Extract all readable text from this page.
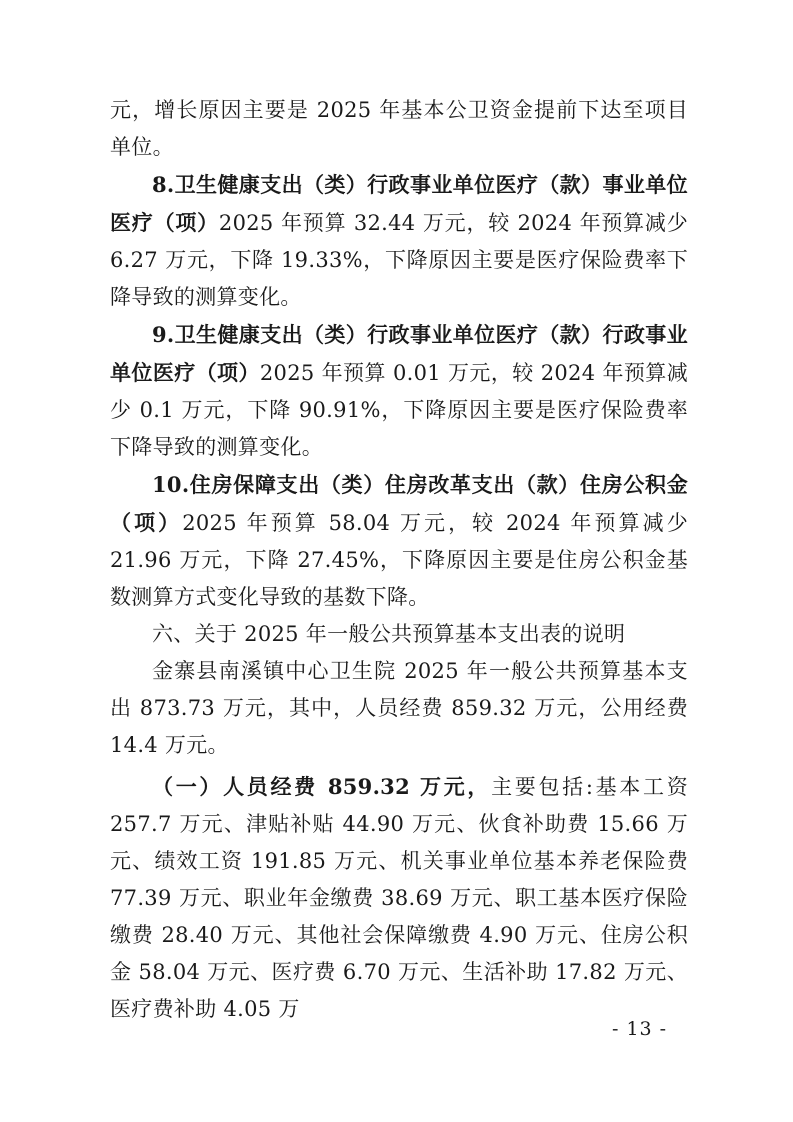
元，增长原因主要是 2025 年基本公卫资金提前下达至项目单位。

8.卫生健康支出（类）行政事业单位医疗（款）事业单位医疗（项）2025 年预算 32.44 万元，较 2024 年预算减少 6.27 万元，下降 19.33%，下降原因主要是医疗保险费率下降导致的测算变化。

9.卫生健康支出（类）行政事业单位医疗（款）行政事业单位医疗（项）2025 年预算 0.01 万元，较 2024 年预算减少 0.1 万元，下降 90.91%，下降原因主要是医疗保险费率下降导致的测算变化。

10.住房保障支出（类）住房改革支出（款）住房公积金（项）2025 年预算 58.04 万元，较 2024 年预算减少 21.96 万元，下降 27.45%，下降原因主要是住房公积金基数测算方式变化导致的基数下降。

六、关于 2025 年一般公共预算基本支出表的说明

金寨县南溪镇中心卫生院 2025 年一般公共预算基本支出 873.73 万元，其中，人员经费 859.32 万元，公用经费 14.4 万元。

（一）人员经费 859.32 万元，主要包括:基本工资 257.7 万元、津贴补贴 44.90 万元、伙食补助费 15.66 万元、绩效工资 191.85 万元、机关事业单位基本养老保险费 77.39 万元、职业年金缴费 38.69 万元、职工基本医疗保险缴费 28.40 万元、其他社会保障缴费 4.90 万元、住房公积金 58.04 万元、医疗费 6.70 万元、生活补助 17.82 万元、医疗费补助 4.05 万

- 13 -
